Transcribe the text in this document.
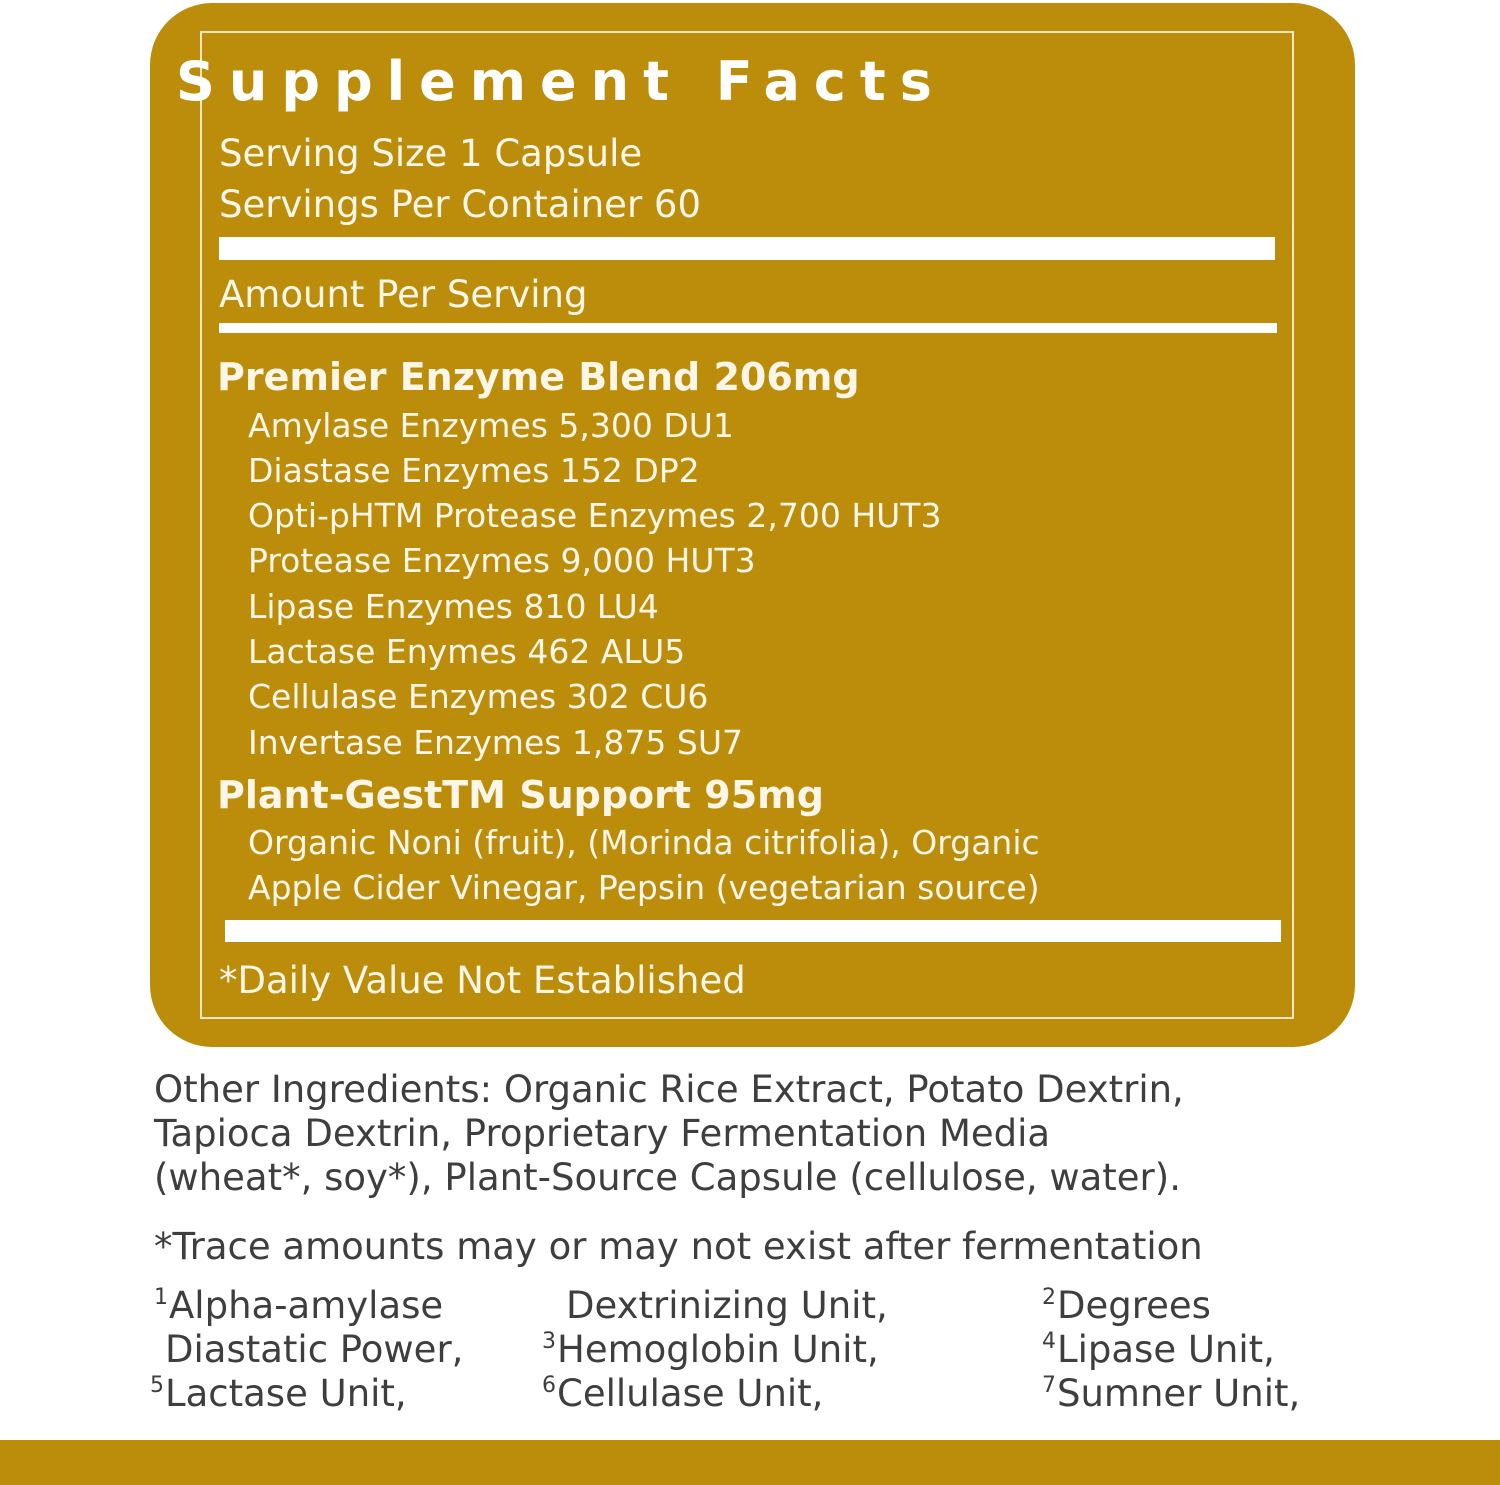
Supplement Facts
Serving Size 1 Capsule
Servings Per Container 60
Amount Per Serving
Premier Enzyme Blend 206mg
Amylase Enzymes 5,300 DU1
Diastase Enzymes 152 DP2
Opti-pHTM Protease Enzymes 2,700 HUT3
Protease Enzymes 9,000 HUT3
Lipase Enzymes 810 LU4
Lactase Enymes 462 ALU5
Cellulase Enzymes 302 CU6
Invertase Enzymes 1,875 SU7
Plant-GestTM Support 95mg
Organic Noni (fruit), (Morinda citrifolia), Organic
Apple Cider Vinegar, Pepsin (vegetarian source)
*Daily Value Not Established
Other Ingredients: Organic Rice Extract, Potato Dextrin,
Tapioca Dextrin, Proprietary Fermentation Media
(wheat*, soy*), Plant-Source Capsule (cellulose, water).
*Trace amounts may or may not exist after fermentation
$^1$Alpha-amylase	Dextrinizing Unit,	$^2$Degrees
Diastatic Power,	$^3$Hemoglobin Unit,	$^4$Lipase Unit,
$^5$Lactase Unit,	$^6$Cellulase Unit,	$^7$Sumner Unit,
